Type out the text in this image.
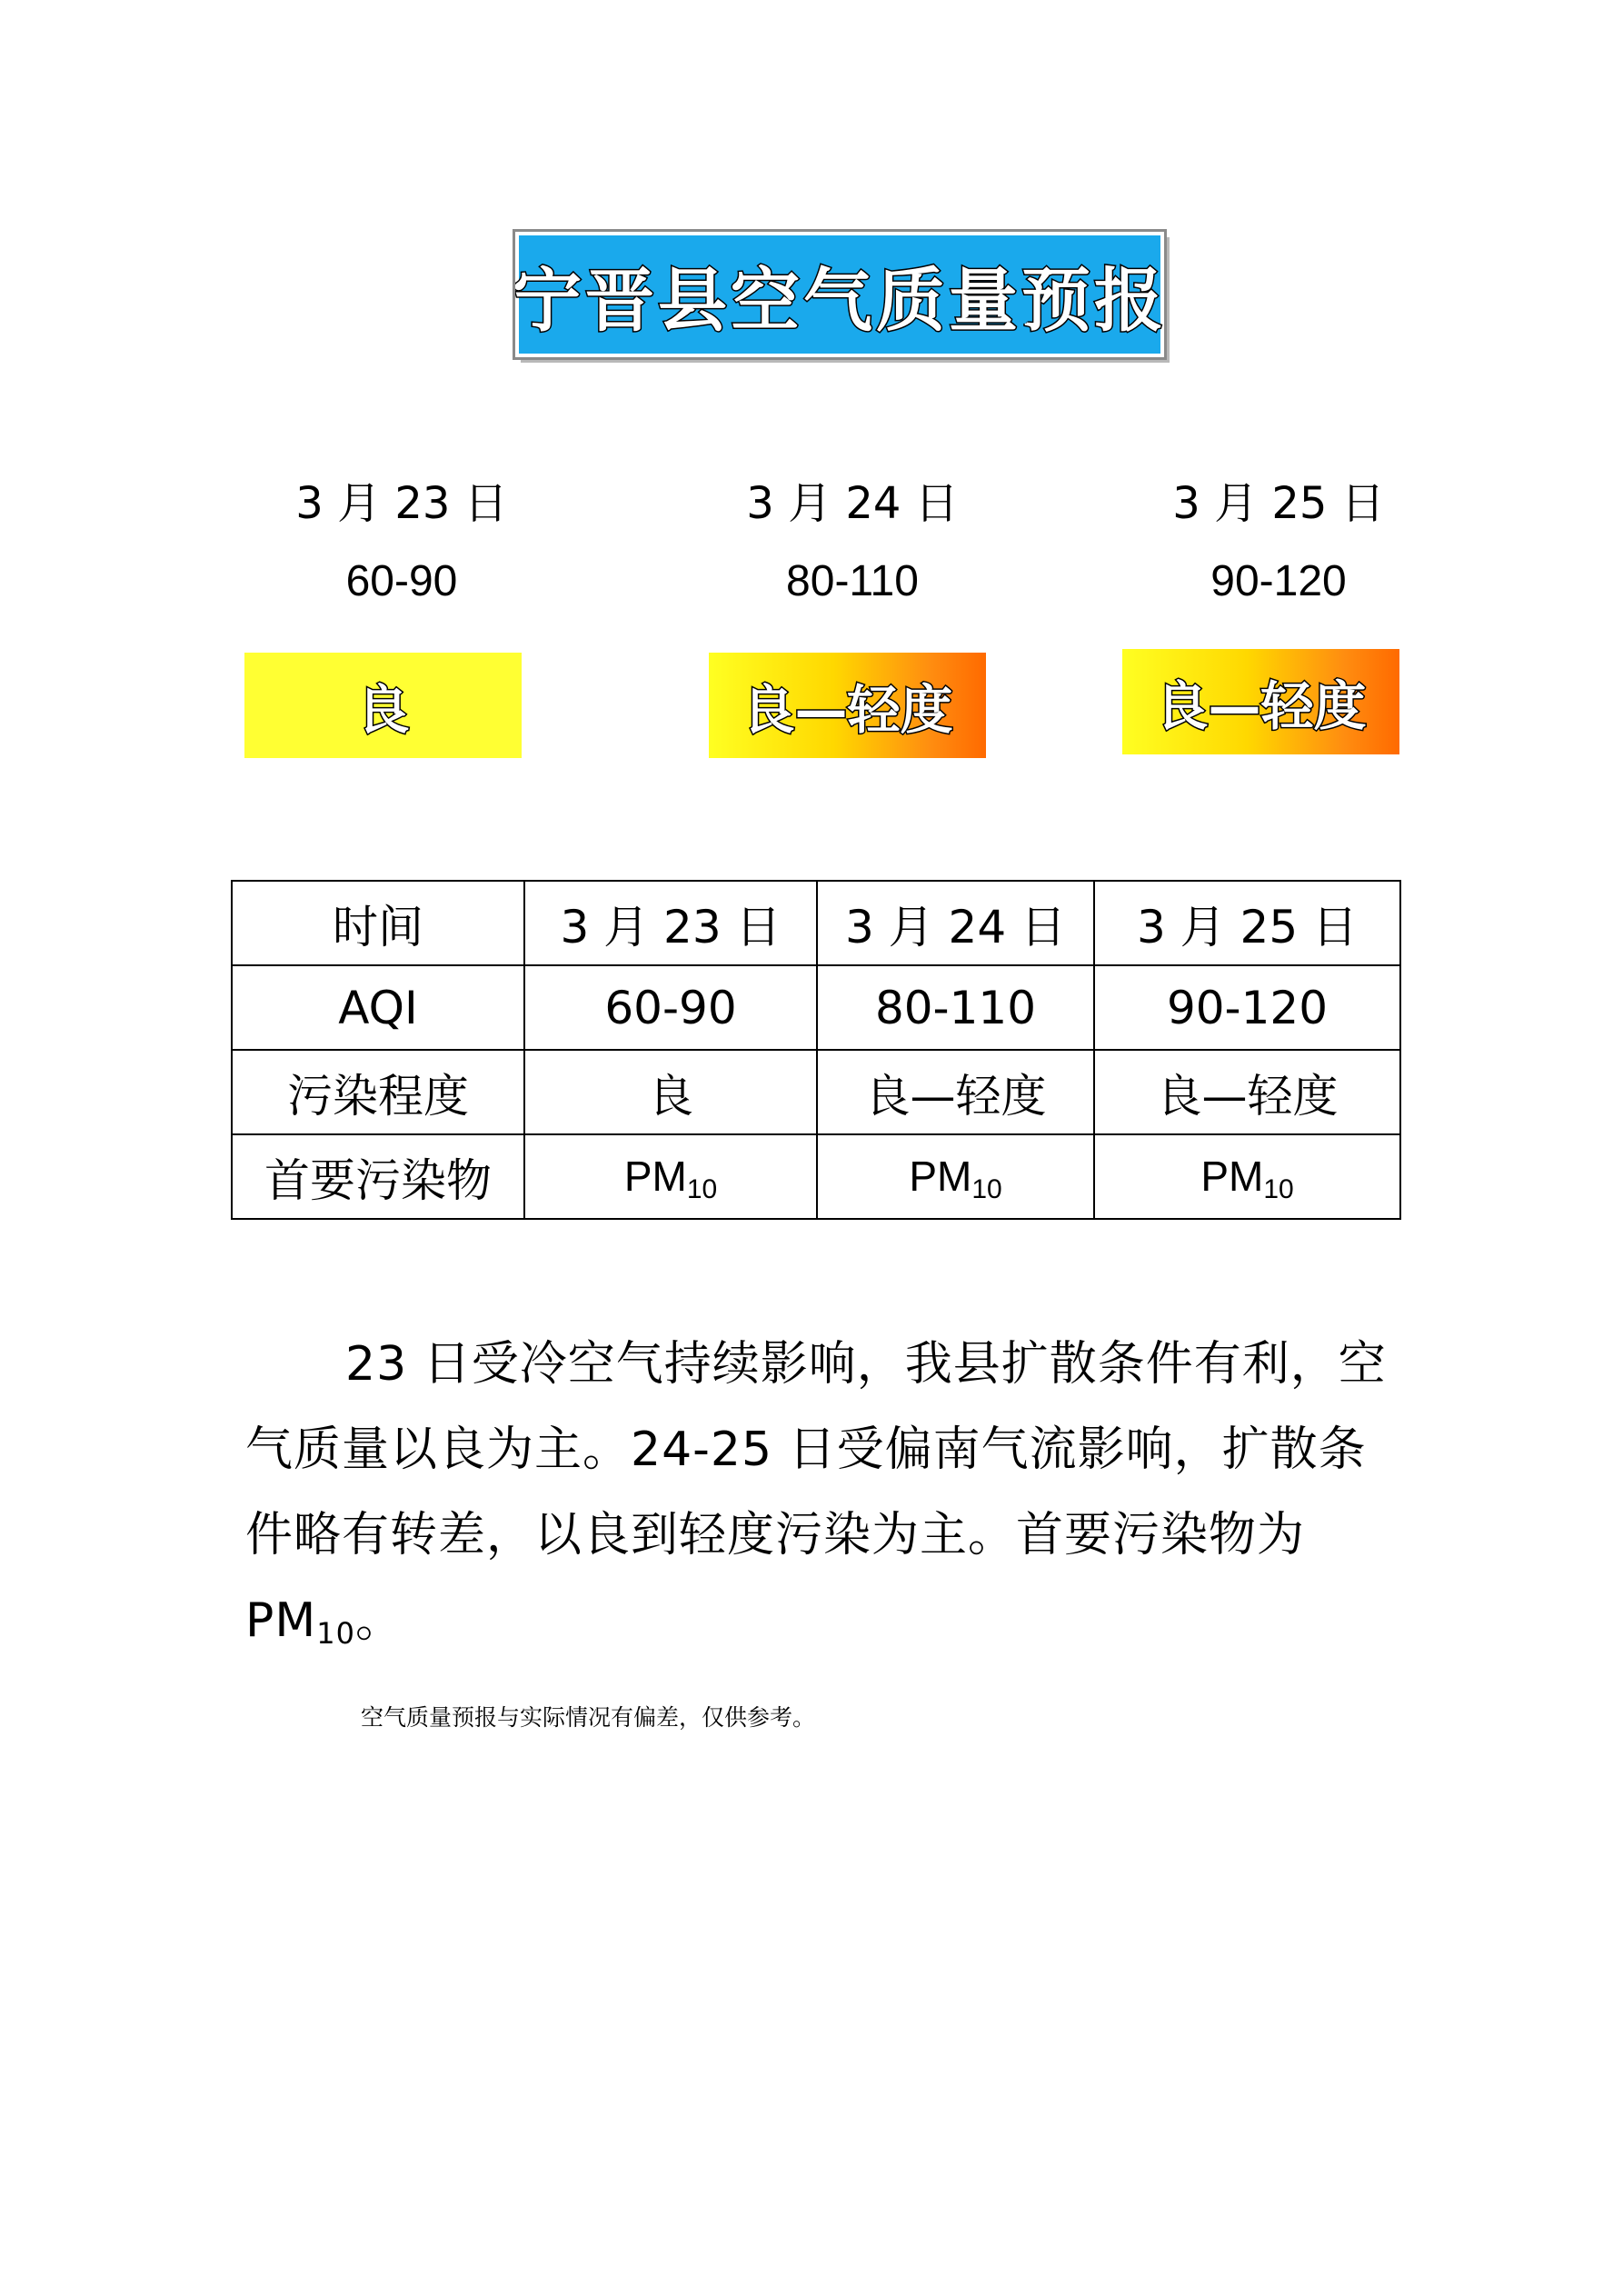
宁晋县空气质量预报
3 月 23 日	3 月 24 日	3 月 25 日
60-90	80-110	90-120
良	良—轻度	良—轻度
时间	3 月 23 日	3 月 24 日	3 月 25 日
AQI	60-90	80-110	90-120
污染程度	良	良—轻度	良—轻度
首要污染物	$PM_{10}$	$PM_{10}$	$PM_{10}$
23 日受冷空气持续影响，我县扩散条件有利，空
气质量以良为主。24-25 日受偏南气流影响，扩散条
件略有转差，以良到轻度污染为主。首要污染物为
$PM_{10}$。
空气质量预报与实际情况有偏差，仅供参考。
